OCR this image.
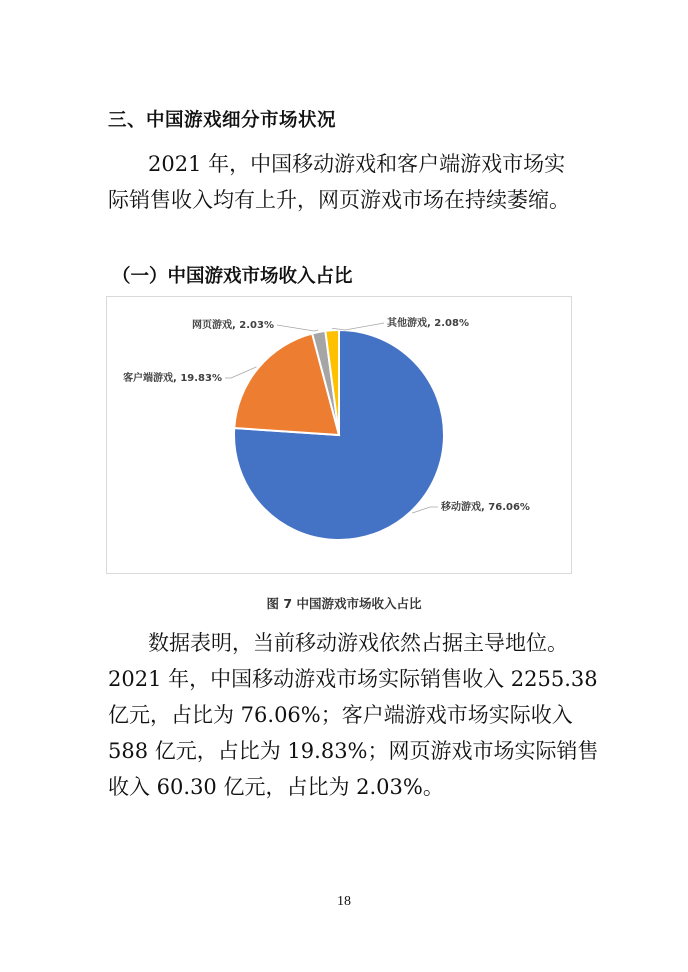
三、中国游戏细分市场状况
2021 年，中国移动游戏和客户端游戏市场实际销售收入均有上升，网页游戏市场在持续萎缩。
（一）中国游戏市场收入占比
移动游戏, 76.06%
客户端游戏, 19.83%
网页游戏, 2.03%	其他游戏, 2.08%
图 7 中国游戏市场收入占比
数据表明，当前移动游戏依然占据主导地位。
2021 年，中国移动游戏市场实际销售收入 2255.38
亿元，占比为 76.06%；客户端游戏市场实际收入
588 亿元，占比为 19.83%；网页游戏市场实际销售
收入 60.30 亿元，占比为 2.03%。
18
